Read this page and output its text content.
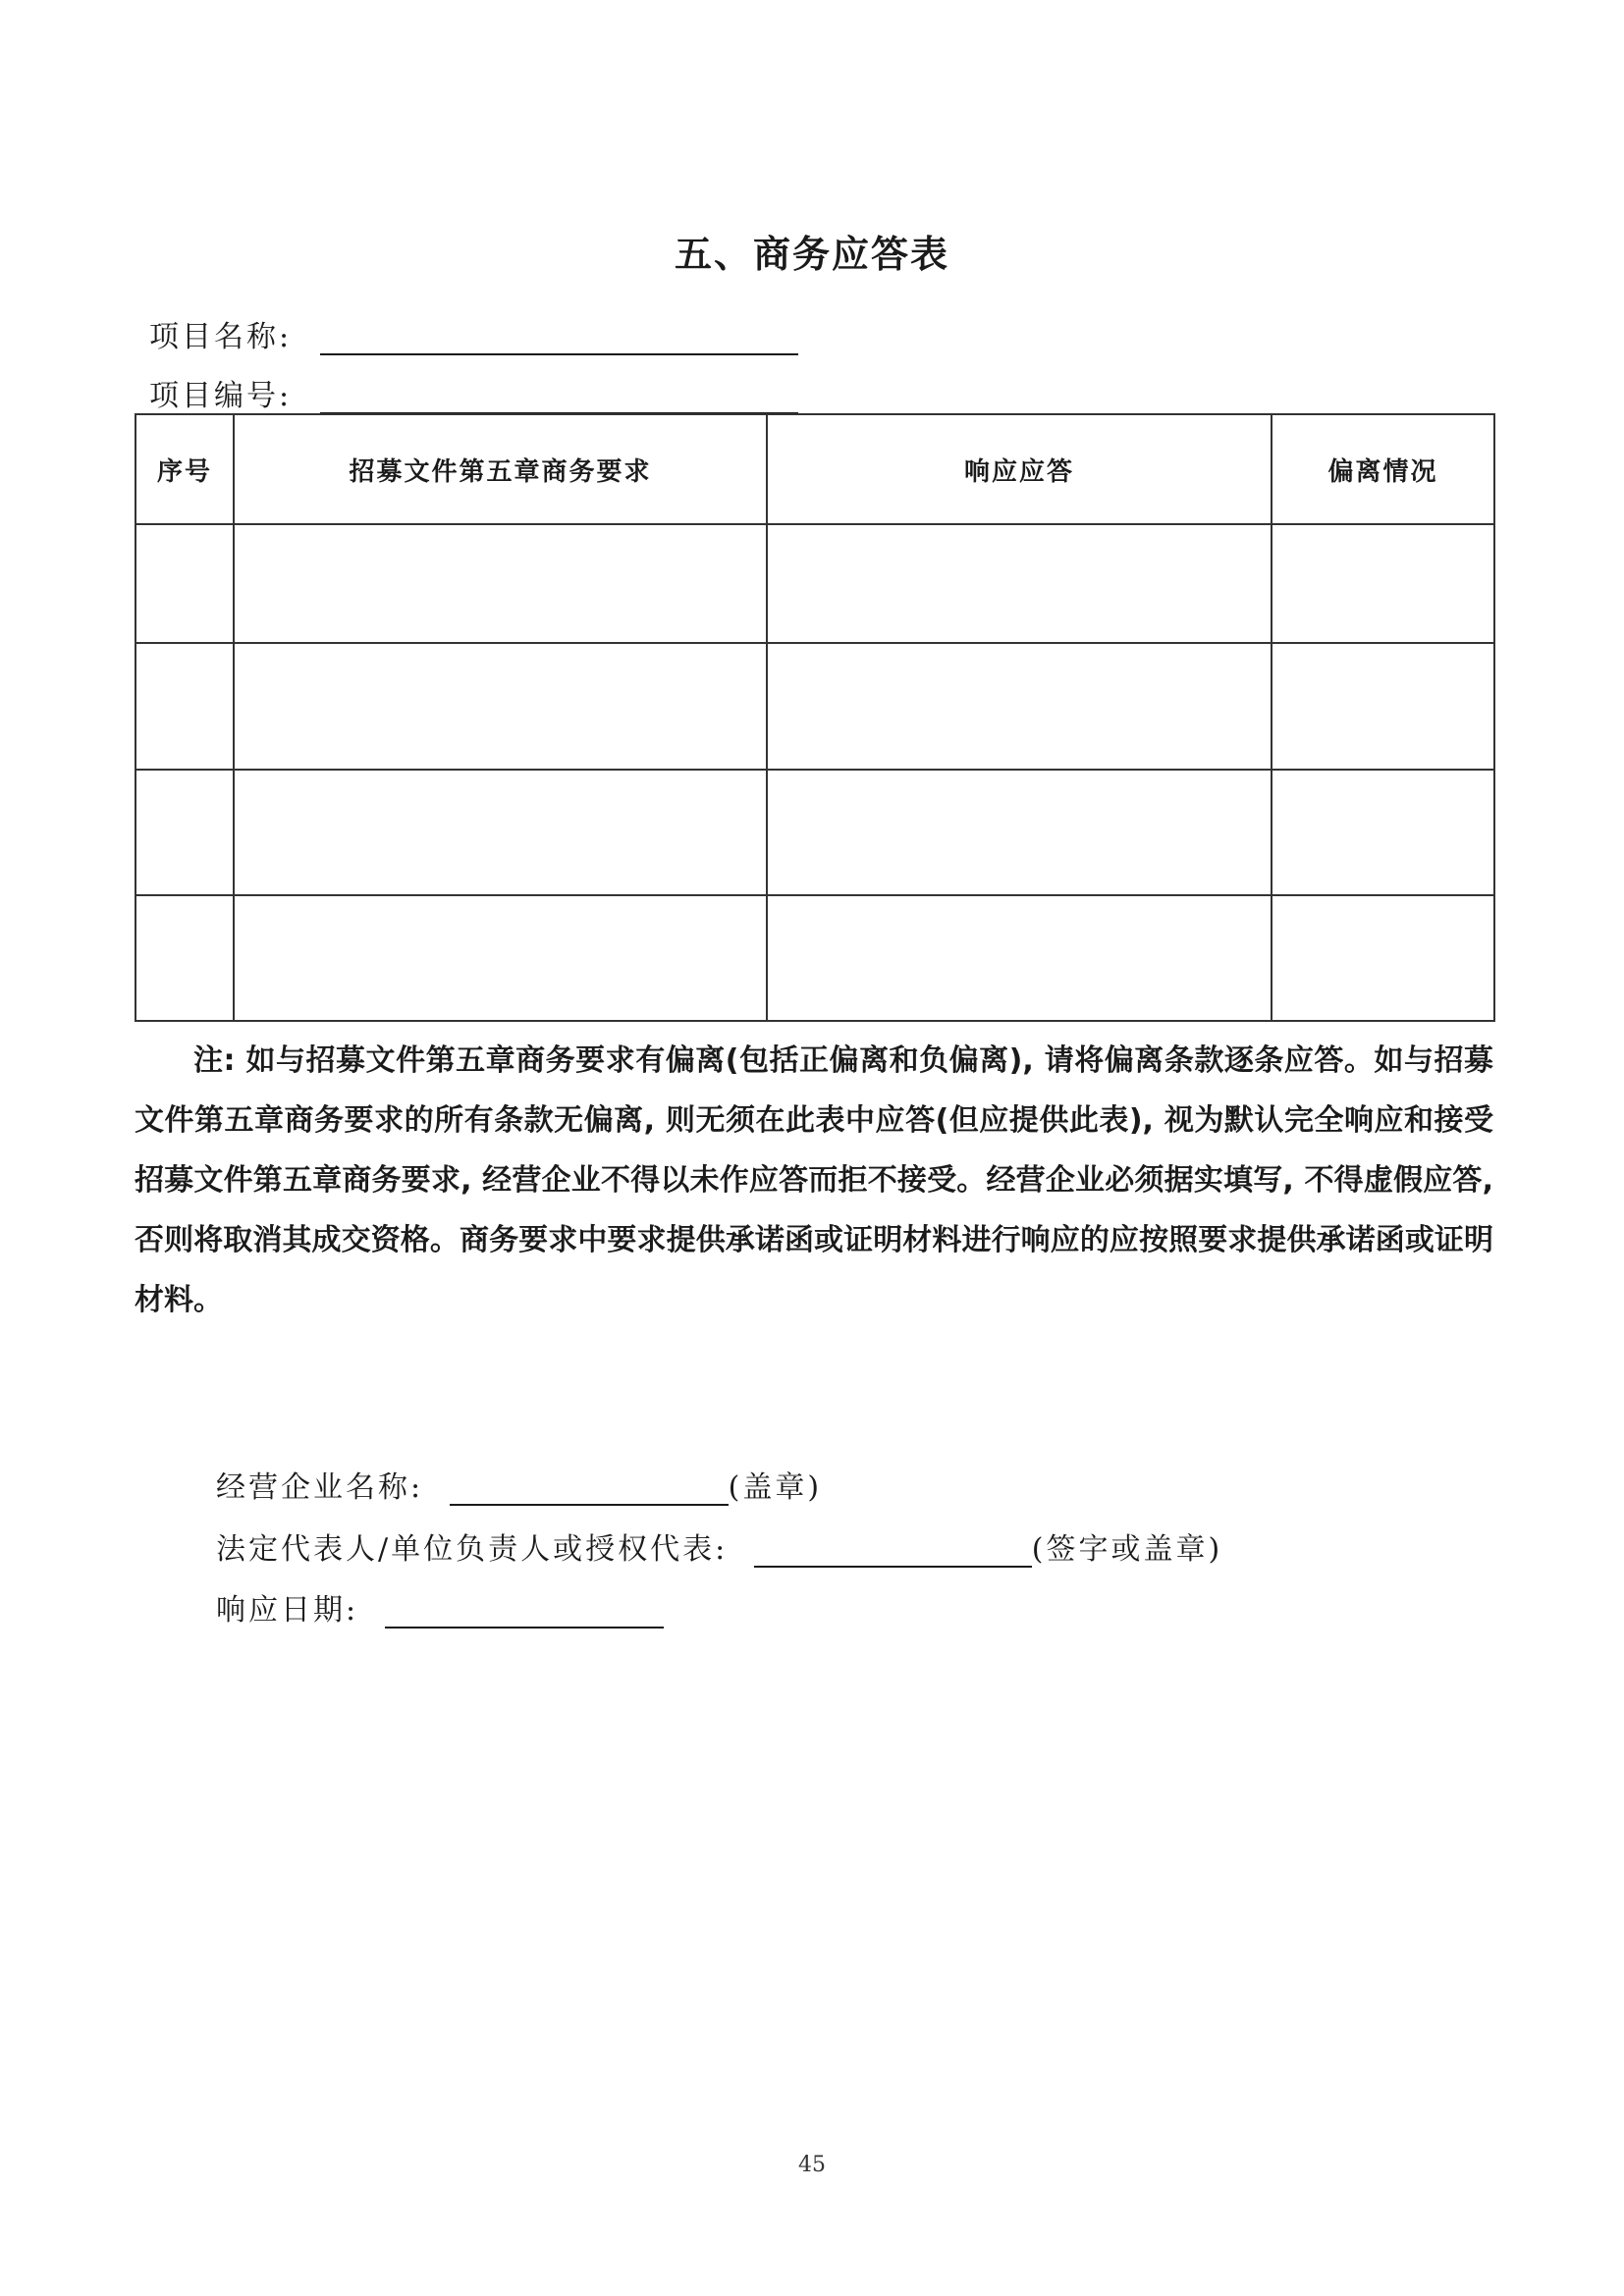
五、商务应答表
项目名称:
项目编号:
序号	招募文件第五章商务要求	响应应答	偏离情况

注: 如与招募文件第五章商务要求有偏离(包括正偏离和负偏离), 请将偏离条款逐条应答。如与招募文件第五章商务要求的所有条款无偏离, 则无须在此表中应答(但应提供此表), 视为默认完全响应和接受招募文件第五章商务要求, 经营企业不得以未作应答而拒不接受。经营企业必须据实填写, 不得虚假应答, 否则将取消其成交资格。商务要求中要求提供承诺函或证明材料进行响应的应按照要求提供承诺函或证明材料。
经营企业名称:	(盖章)
法定代表人/单位负责人或授权代表:	(签字或盖章)
响应日期:
45
